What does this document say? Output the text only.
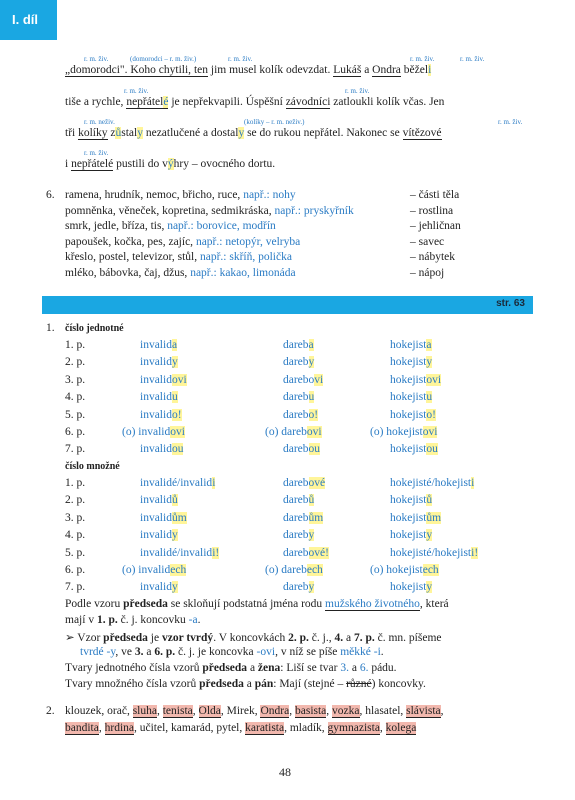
I. díl
r. m. živ.	(domorodci – r. m. živ.)	r. m. živ.	r. m. živ.	r. m. živ.
„domorodci". Koho chytili, ten jim musel kolík odevzdat. Lukáš a Ondra běželi
r. m. živ.	r. m. živ.
tiše a rychle, nepřátelé je nepřekvapili. Úspěšní závodníci zatloukli kolík včas. Jen
r. m. neživ.	(kolíky – r. m. neživ.)	r. m. živ.
tři kolíky zůstaly nezatlučené a dostaly se do rukou nepřátel. Nakonec se vítězové
r. m. živ.
i nepřátelé pustili do výhry – ovocného dortu.
6. ramena, hrudník, nemoc, břicho, ruce, např.: nohy	– části těla
pomněnka, věneček, kopretina, sedmikráska, např.: pryskyřník	– rostlina
smrk, jedle, bříza, tis, např.: borovice, modřín	– jehličnan
papoušek, kočka, pes, zajíc, např.: netopýr, velryba	– savec
křeslo, postel, televizor, stůl, např.: skříň, polička	– nábytek
mléko, bábovka, čaj, džus, např.: kakao, limonáda	– nápoj
str. 63
1. číslo jednotné
1. p.	invalida	dareba	hokejista
2. p.	invalidy	dareby	hokejisty
3. p.	invalidovi	darebovi	hokejistovi
4. p.	invalidu	darebu	hokejistu
5. p.	invalido!	darebo!	hokejisto!
6. p.	(o) invalidovi	(o) darebovi	(o) hokejistovi
7. p.	invalidou	darebou	hokejistou
číslo množné
1. p.	invalidé/invalidi	darebové	hokejisté/hokejisti
2. p.	invalidů	darebů	hokejistů
3. p.	invalidům	darebům	hokejistům
4. p.	invalidy	dareby	hokejisty
5. p.	invalidé/invalidi!	darebové!	hokejisté/hokejisti!
6. p.	(o) invalidech	(o) darebech	(o) hokejistech
7. p.	invalidy	dareby	hokejisty
Podle vzoru předseda se skloňují podstatná jména rodu mužského životného, která
mají v 1. p. č. j. koncovku -a.
➢ Vzor předseda je vzor tvrdý. V koncovkách 2. p. č. j., 4. a 7. p. č. mn. píšeme
tvrdé -y, ve 3. a 6. p. č. j. je koncovka -ovi, v níž se píše měkké -i.
Tvary jednotného čísla vzorů předseda a žena: Liší se tvar 3. a 6. pádu.
Tvary množného čísla vzorů předseda a pán: Mají (stejné – různé) koncovky.
2. klouzek, orač, sluha, tenista, Olda, Mirek, Ondra, basista, vozka, hlasatel, slávista,
bandita, hrdina, učitel, kamarád, pytel, karatista, mladík, gymnazista, kolega
48
